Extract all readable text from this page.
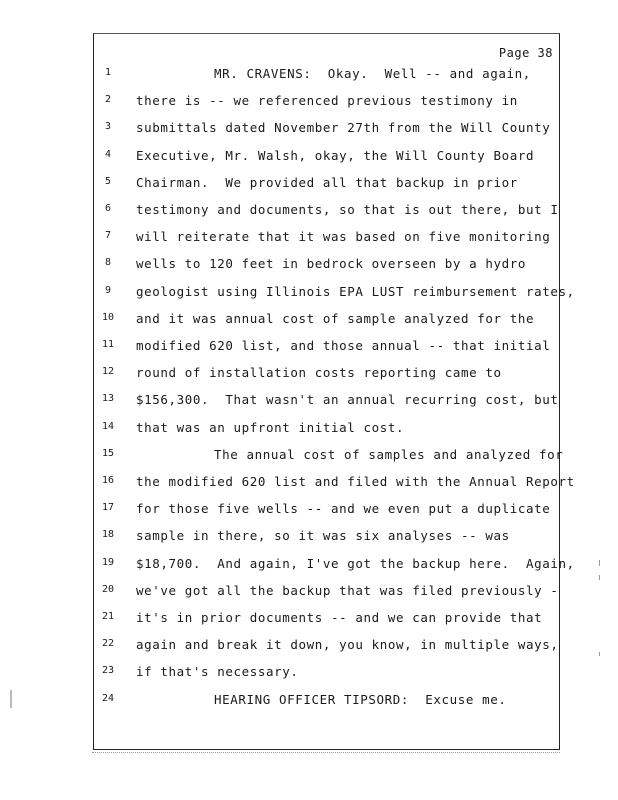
Page 38
1	MR. CRAVENS:  Okay.  Well -- and again,
2	there is -- we referenced previous testimony in
3	submittals dated November 27th from the Will County
4	Executive, Mr. Walsh, okay, the Will County Board
5	Chairman.  We provided all that backup in prior
6	testimony and documents, so that is out there, but I
7	will reiterate that it was based on five monitoring
8	wells to 120 feet in bedrock overseen by a hydro
9	geologist using Illinois EPA LUST reimbursement rates,
10	and it was annual cost of sample analyzed for the
11	modified 620 list, and those annual -- that initial
12	round of installation costs reporting came to
13	$156,300.  That wasn't an annual recurring cost, but
14	that was an upfront initial cost.
15	The annual cost of samples and analyzed for
16	the modified 620 list and filed with the Annual Report
17	for those five wells -- and we even put a duplicate
18	sample in there, so it was six analyses -- was
19	$18,700.  And again, I've got the backup here.  Again,
20	we've got all the backup that was filed previously -
21	it's in prior documents -- and we can provide that
22	again and break it down, you know, in multiple ways,
23	if that's necessary.
24	HEARING OFFICER TIPSORD:  Excuse me.
